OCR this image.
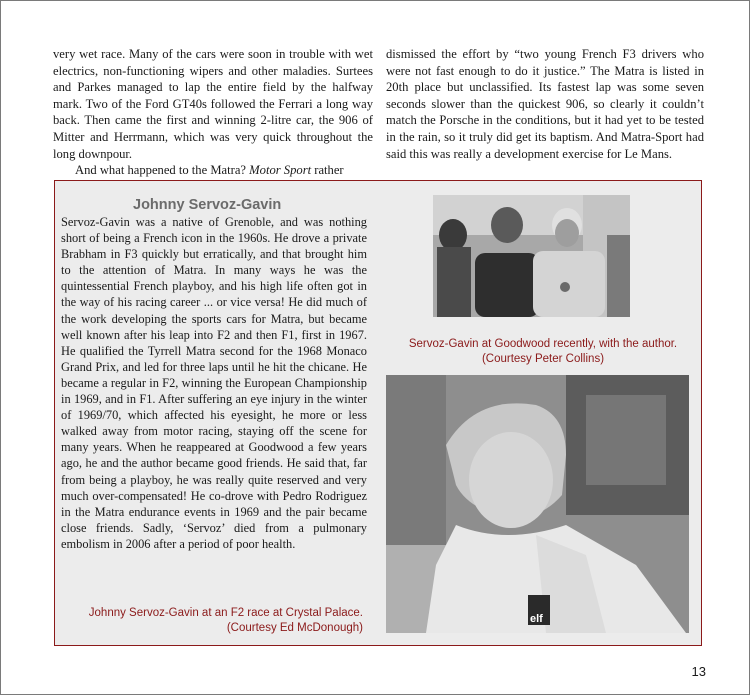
very wet race. Many of the cars were soon in trouble with wet electrics, non-functioning wipers and other maladies. Surtees and Parkes managed to lap the entire field by the halfway mark. Two of the Ford GT40s followed the Ferrari a long way back. Then came the first and winning 2-litre car, the 906 of Mitter and Herrmann, which was very quick throughout the long downpour.

And what happened to the Matra? Motor Sport rather

dismissed the effort by “two young French F3 drivers who were not fast enough to do it justice.” The Matra is listed in 20th place but unclassified. Its fastest lap was some seven seconds slower than the quickest 906, so clearly it couldn’t match the Porsche in the conditions, but it had yet to be tested in the rain, so it truly did get its baptism. And Matra-Sport had said this was really a development exercise for Le Mans.

Johnny Servoz-Gavin

Servoz-Gavin was a native of Grenoble, and was nothing short of being a French icon in the 1960s. He drove a private Brabham in F3 quickly but erratically, and that brought him to the attention of Matra. In many ways he was the quintessential French playboy, and his high life often got in the way of his racing career ... or vice versa! He did much of the work developing the sports cars for Matra, but became well known after his leap into F2 and then F1, first in 1967. He qualified the Tyrrell Matra second for the 1968 Monaco Grand Prix, and led for three laps until he hit the chicane. He became a regular in F2, winning the European Championship in 1969, and in F1. After suffering an eye injury in the winter of 1969/70, which affected his eyesight, he more or less walked away from motor racing, staying off the scene for many years. When he reappeared at Goodwood a few years ago, he and the author became good friends. He said that, far from being a playboy, he was really quite reserved and very much over-compensated! He co-drove with Pedro Rodriguez in the Matra endurance events in 1969 and the pair became close friends. Sadly, ‘Servoz’ died from a pulmonary embolism in 2006 after a period of poor health.

Servoz-Gavin at Goodwood recently, with the author.
(Courtesy Peter Collins)
elf
Johnny Servoz-Gavin at an F2 race at Crystal Palace.
(Courtesy Ed McDonough)
13
